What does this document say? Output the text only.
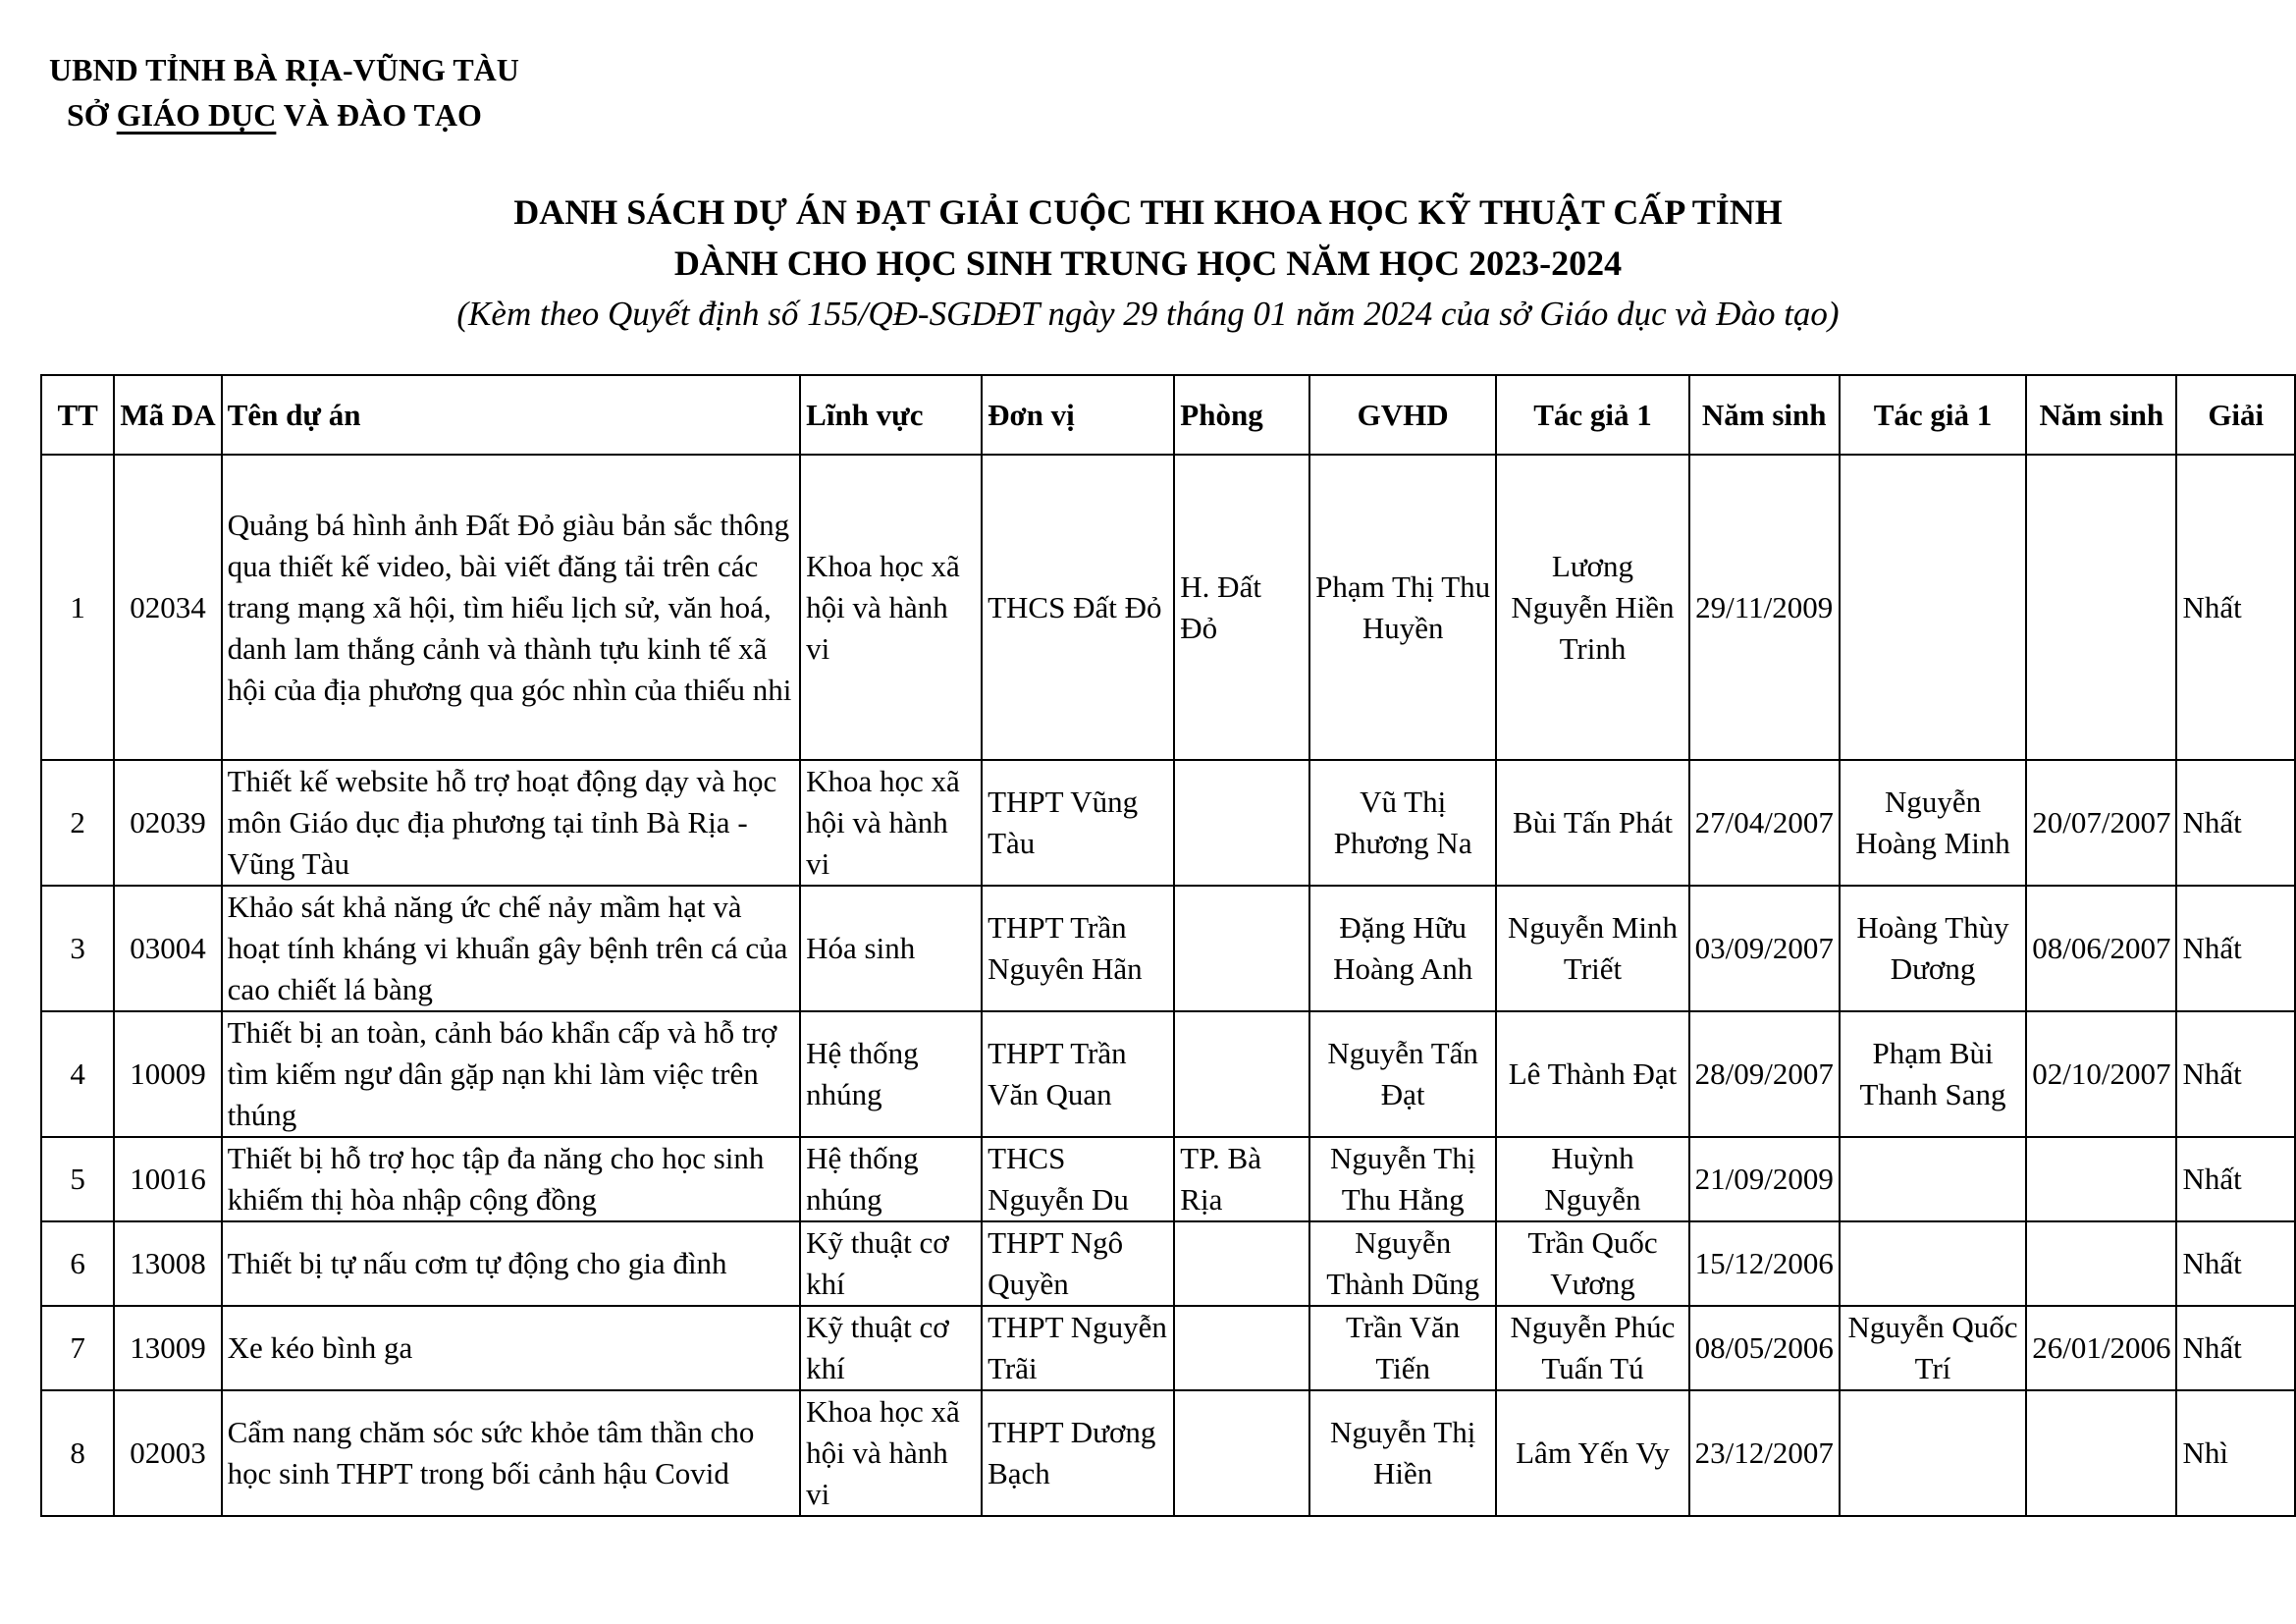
UBND TỈNH BÀ RỊA-VŨNG TÀU
SỞ GIÁO DỤC VÀ ĐÀO TẠO
DANH SÁCH DỰ ÁN ĐẠT GIẢI CUỘC THI KHOA HỌC KỸ THUẬT CẤP TỈNH
DÀNH CHO HỌC SINH TRUNG HỌC NĂM HỌC 2023-2024
(Kèm theo Quyết định số 155/QĐ-SGDĐT ngày 29 tháng 01 năm 2024 của sở Giáo dục và Đào tạo)
TT	Mã DA	Tên dự án	Lĩnh vực	Đơn vị	Phòng	GVHD	Tác giả 1	Năm sinh	Tác giả 1	Năm sinh	Giải
1	02034	Quảng bá hình ảnh Đất Đỏ giàu bản sắc thông qua thiết kế video, bài viết đăng tải trên các trang mạng xã hội, tìm hiểu lịch sử, văn hoá, danh lam thắng cảnh và thành tựu kinh tế xã hội của địa phương qua góc nhìn của thiếu nhi	Khoa học xã hội và hành vi	THCS Đất Đỏ	H. Đất Đỏ	Phạm Thị Thu Huyền	Lương Nguyễn Hiền Trinh	29/11/2009			Nhất
2	02039	Thiết kế website hỗ trợ hoạt động dạy và học môn Giáo dục địa phương tại tỉnh Bà Rịa - Vũng Tàu	Khoa học xã hội và hành vi	THPT Vũng Tàu		Vũ Thị Phương Na	Bùi Tấn Phát	27/04/2007	Nguyễn Hoàng Minh	20/07/2007	Nhất
3	03004	Khảo sát khả năng ức chế nảy mầm hạt và hoạt tính kháng vi khuẩn gây bệnh trên cá của cao chiết lá bàng	Hóa sinh	THPT Trần Nguyên Hãn		Đặng Hữu Hoàng Anh	Nguyễn Minh Triết	03/09/2007	Hoàng Thùy Dương	08/06/2007	Nhất
4	10009	Thiết bị an toàn, cảnh báo khẩn cấp và hỗ trợ tìm kiếm ngư dân gặp nạn khi làm việc trên thúng	Hệ thống nhúng	THPT Trần Văn Quan		Nguyễn Tấn Đạt	Lê Thành Đạt	28/09/2007	Phạm Bùi Thanh Sang	02/10/2007	Nhất
5	10016	Thiết bị hỗ trợ học tập đa năng cho học sinh khiếm thị hòa nhập cộng đồng	Hệ thống nhúng	THCS Nguyễn Du	TP. Bà Rịa	Nguyễn Thị Thu Hằng	Huỳnh Nguyễn	21/09/2009			Nhất
6	13008	Thiết bị tự nấu cơm tự động cho gia đình	Kỹ thuật cơ khí	THPT Ngô Quyền		Nguyễn Thành Dũng	Trần Quốc Vương	15/12/2006			Nhất
7	13009	Xe kéo bình ga	Kỹ thuật cơ khí	THPT Nguyễn Trãi		Trần Văn Tiến	Nguyễn Phúc Tuấn Tú	08/05/2006	Nguyễn Quốc Trí	26/01/2006	Nhất
8	02003	Cẩm nang chăm sóc sức khỏe tâm thần cho học sinh THPT trong bối cảnh hậu Covid	Khoa học xã hội và hành vi	THPT Dương Bạch		Nguyễn Thị Hiền	Lâm Yến Vy	23/12/2007			Nhì
